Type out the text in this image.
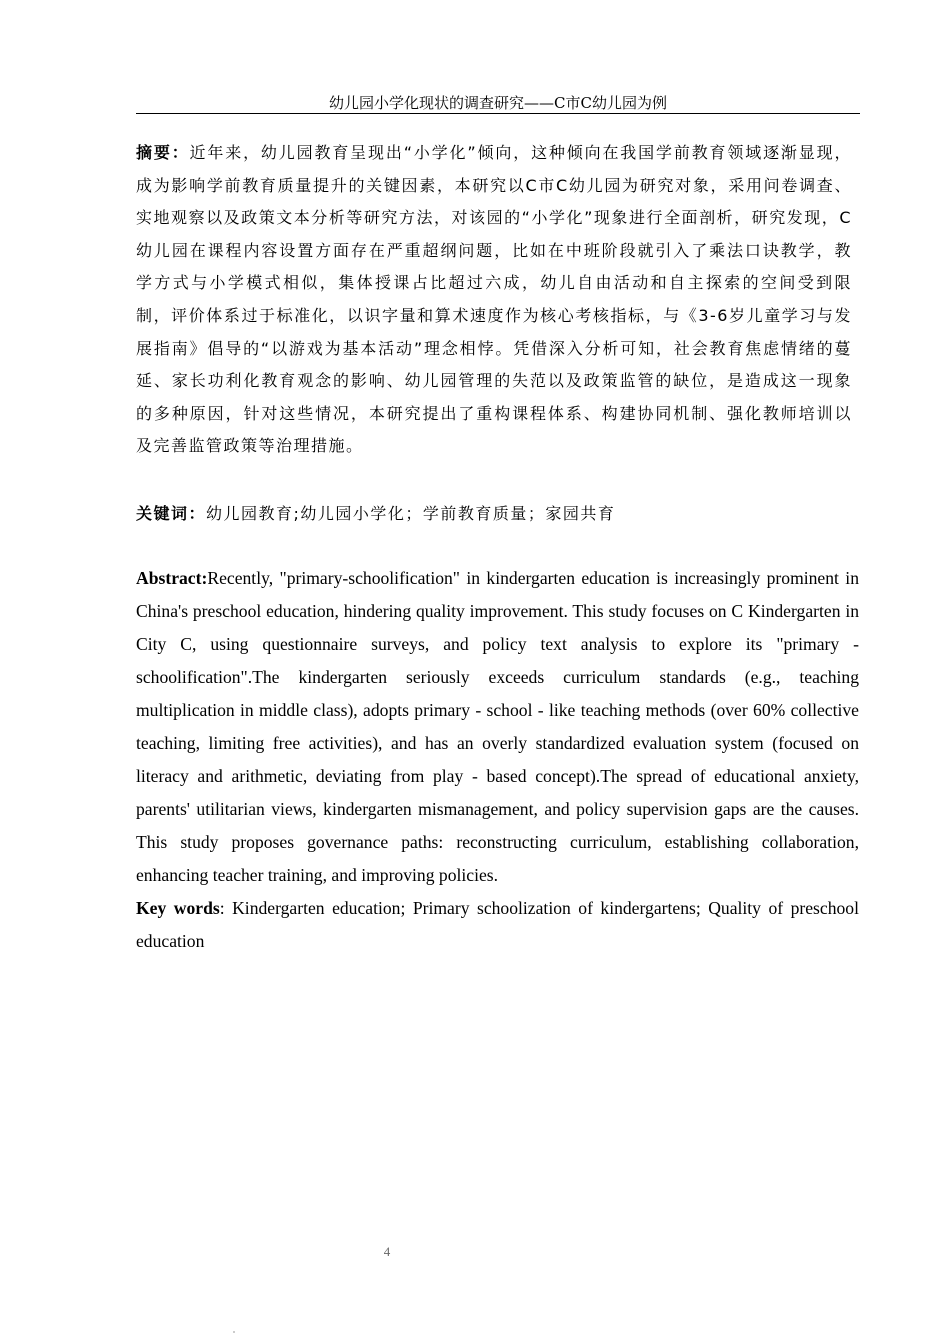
幼儿园小学化现状的调查研究——C市C幼儿园为例

摘要：近年来，幼儿园教育呈现出“小学化”倾向，这种倾向在我国学前教育领域逐渐显现，成为影响学前教育质量提升的关键因素，本研究以C市C幼儿园为研究对象，采用问卷调查、实地观察以及政策文本分析等研究方法，对该园的“小学化”现象进行全面剖析，研究发现，C幼儿园在课程内容设置方面存在严重超纲问题，比如在中班阶段就引入了乘法口诀教学，教学方式与小学模式相似，集体授课占比超过六成，幼儿自由活动和自主探索的空间受到限制，评价体系过于标准化，以识字量和算术速度作为核心考核指标，与《3-6岁儿童学习与发展指南》倡导的“以游戏为基本活动”理念相悖。凭借深入分析可知，社会教育焦虑情绪的蔓延、家长功利化教育观念的影响、幼儿园管理的失范以及政策监管的缺位，是造成这一现象的多种原因，针对这些情况，本研究提出了重构课程体系、构建协同机制、强化教师培训以及完善监管政策等治理措施。

关键词：幼儿园教育;幼儿园小学化；学前教育质量；家园共育

Abstract:Recently, "primary-schoolification" in kindergarten education is increasingly prominent in China's preschool education, hindering quality improvement. This study focuses on C Kindergarten in City C, using questionnaire surveys, and policy text analysis to explore its "primary - schoolification".The kindergarten seriously exceeds curriculum standards (e.g., teaching multiplication in middle class), adopts primary - school - like teaching methods (over 60% collective teaching, limiting free activities), and has an overly standardized evaluation system (focused on literacy and arithmetic, deviating from play - based concept).The spread of educational anxiety, parents' utilitarian views, kindergarten mismanagement, and policy supervision gaps are the causes. This study proposes governance paths: reconstructing curriculum, establishing collaboration, enhancing teacher training, and improving policies.

Key words: Kindergarten education; Primary schoolization of kindergartens; Quality of preschool education

4
